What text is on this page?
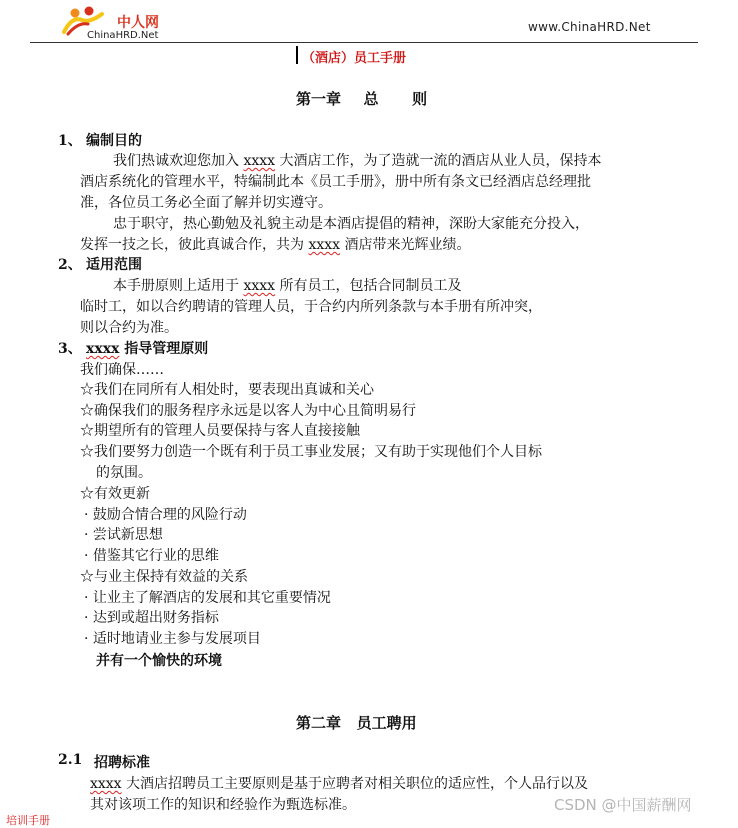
中人网
ChinaHRD.Net
www.ChinaHRD.Net
（酒店）员工手册
第一章  总   则
1、 编制目的
我们热诚欢迎您加入 xxxx 大酒店工作，为了造就一流的酒店从业人员，保持本
酒店系统化的管理水平，特编制此本《员工手册》，册中所有条文已经酒店总经理批
准，各位员工务必全面了解并切实遵守。
忠于职守，热心勤勉及礼貌主动是本酒店提倡的精神，深盼大家能充分投入，
发挥一技之长，彼此真诚合作，共为 xxxx 酒店带来光辉业绩。
2、 适用范围
本手册原则上适用于 xxxx 所有员工，包括合同制员工及
临时工，如以合约聘请的管理人员，于合约内所列条款与本手册有所冲突，
则以合约为准。
3、 xxxx 指导管理原则
我们确保……
☆我们在同所有人相处时，要表现出真诚和关心
☆确保我们的服务程序永远是以客人为中心且简明易行
☆期望所有的管理人员要保持与客人直接接触
☆我们要努力创造一个既有利于员工事业发展；又有助于实现他们个人目标
的氛围。
☆有效更新
· 鼓励合情合理的风险行动
· 尝试新思想
· 借鉴其它行业的思维
☆与业主保持有效益的关系
· 让业主了解酒店的发展和其它重要情况
· 达到或超出财务指标
· 适时地请业主参与发展项目
并有一个愉快的环境
第二章   员工聘用
2.1 招聘标准
xxxx 大酒店招聘员工主要原则是基于应聘者对相关职位的适应性，个人品行以及
其对该项工作的知识和经验作为甄选标准。	CSDN @中国薪酬网
培训手册
